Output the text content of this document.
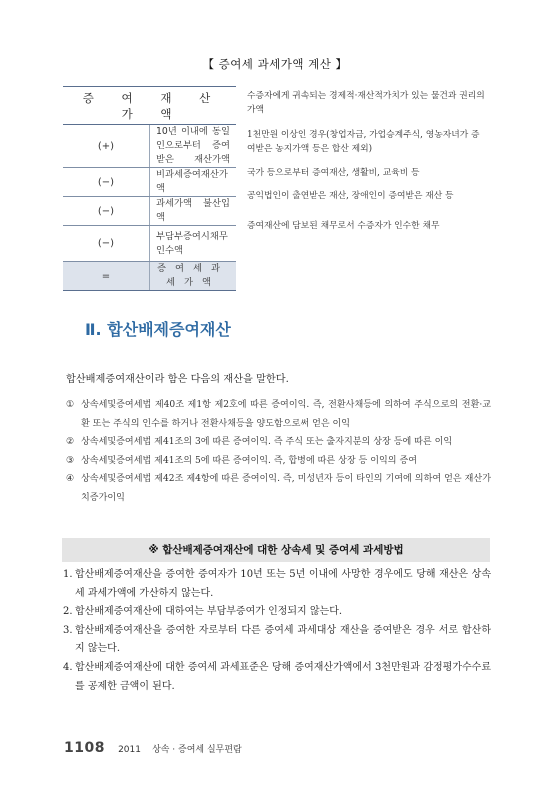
【 증여세 과세가액 계산 】
증 여 재 산 가 액	
(+)	10년 이내에 동일인으로부터 증여 받은 재산가액
(−)	비과세증여재산가액
(−)	과세가액 불산입액
(−)	부담부증여시채무인수액
=	증여세과세가액
수증자에게 귀속되는 경제적·재산적가치가 있는 물건과 권리의 가액
1천만원 이상인 경우(창업자금, 가업승계주식, 영농자녀가 증여받은 농지가액 등은 합산 제외)
국가 등으로부터 증여재산, 생활비, 교육비 등
공익법인이 출연받은 재산, 장애인이 증여받은 재산 등
증여재산에 담보된 채무로서 수증자가 인수한 채무
Ⅱ. 합산배제증여재산
합산배제증여재산이라 함은 다음의 재산을 말한다.
① 상속세및증여세법 제40조 제1항 제2호에 따른 증여이익. 즉, 전환사채등에 의하여 주식으로의 전환·교환 또는 주식의 인수를 하거나 전환사채등을 양도함으로써 얻은 이익
② 상속세및증여세법 제41조의 3에 따른 증여이익. 즉 주식 또는 출자지분의 상장 등에 따른 이익
③ 상속세및증여세법 제41조의 5에 따른 증여이익. 즉, 합병에 따른 상장 등 이익의 증여
④ 상속세및증여세법 제42조 제4항에 따른 증여이익. 즉, 미성년자 등이 타인의 기여에 의하여 얻은 재산가치증가이익
※ 합산배제증여재산에 대한 상속세 및 증여세 과세방법
1. 합산배제증여재산을 증여한 증여자가 10년 또는 5년 이내에 사망한 경우에도 당해 재산은 상속세 과세가액에 가산하지 않는다.
2. 합산배제증여재산에 대하여는 부담부증여가 인정되지 않는다.
3. 합산배제증여재산을 증여한 자로부터 다른 증여세 과세대상 재산을 증여받은 경우 서로 합산하지 않는다.
4. 합산배제증여재산에 대한 증여세 과세표준은 당해 증여재산가액에서 3천만원과 감정평가수수료를 공제한 금액이 된다.
1108 2011 상속 · 증여세 실무편람
